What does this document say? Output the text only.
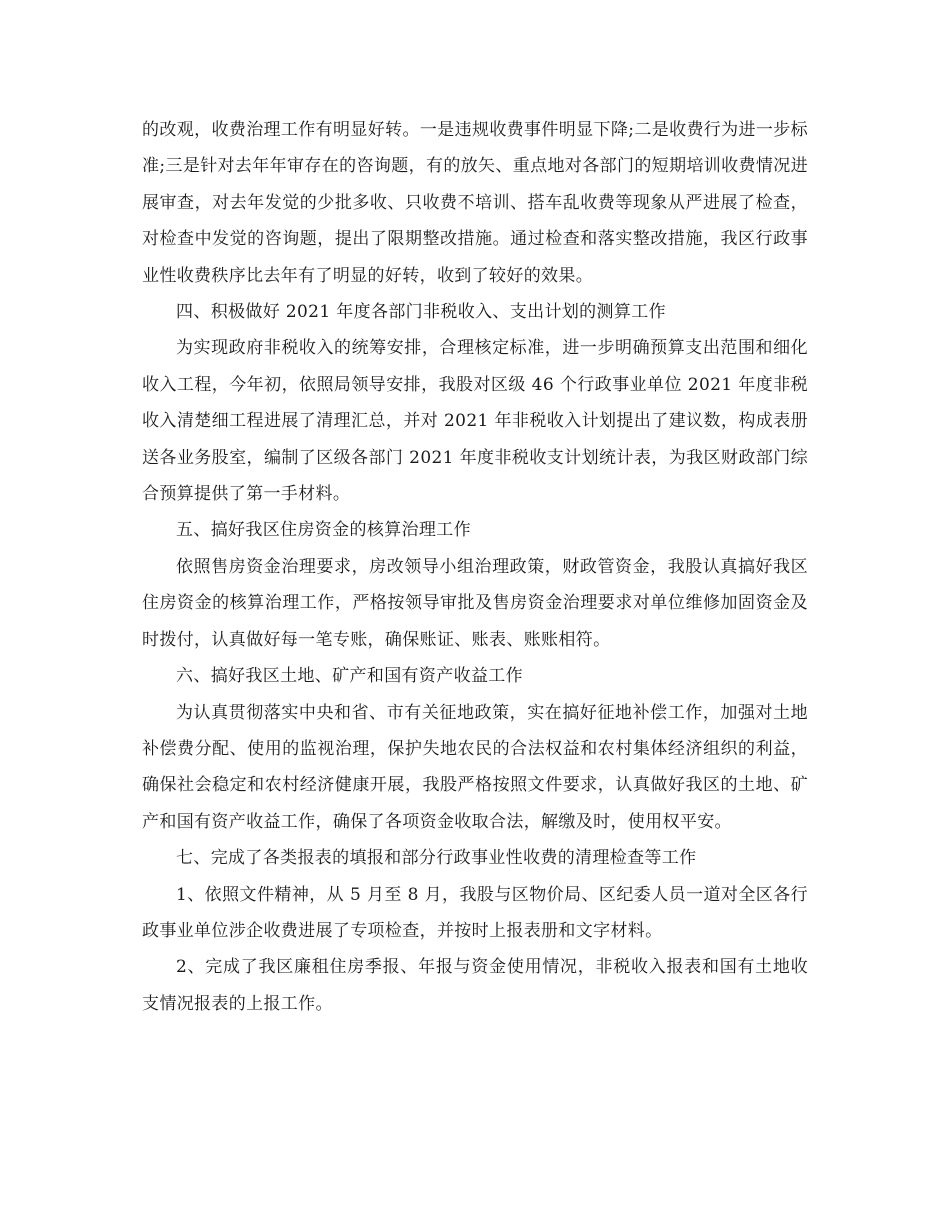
的改观，收费治理工作有明显好转。一是违规收费事件明显下降;二是收费行为进一步标准;三是针对去年年审存在的咨询题，有的放矢、重点地对各部门的短期培训收费情况进展审查，对去年发觉的少批多收、只收费不培训、搭车乱收费等现象从严进展了检查，对检查中发觉的咨询题，提出了限期整改措施。通过检查和落实整改措施，我区行政事业性收费秩序比去年有了明显的好转，收到了较好的效果。

四、积极做好 2021 年度各部门非税收入、支出计划的测算工作

为实现政府非税收入的统筹安排，合理核定标准，进一步明确预算支出范围和细化收入工程，今年初，依照局领导安排，我股对区级 46 个行政事业单位 2021 年度非税收入清楚细工程进展了清理汇总，并对 2021 年非税收入计划提出了建议数，构成表册送各业务股室，编制了区级各部门 2021 年度非税收支计划统计表，为我区财政部门综合预算提供了第一手材料。

五、搞好我区住房资金的核算治理工作

依照售房资金治理要求，房改领导小组治理政策，财政管资金，我股认真搞好我区住房资金的核算治理工作，严格按领导审批及售房资金治理要求对单位维修加固资金及时拨付，认真做好每一笔专账，确保账证、账表、账账相符。

六、搞好我区土地、矿产和国有资产收益工作

为认真贯彻落实中央和省、市有关征地政策，实在搞好征地补偿工作，加强对土地补偿费分配、使用的监视治理，保护失地农民的合法权益和农村集体经济组织的利益，确保社会稳定和农村经济健康开展，我股严格按照文件要求，认真做好我区的土地、矿产和国有资产收益工作，确保了各项资金收取合法，解缴及时，使用权平安。

七、完成了各类报表的填报和部分行政事业性收费的清理检查等工作

1、依照文件精神，从 5 月至 8 月，我股与区物价局、区纪委人员一道对全区各行政事业单位涉企收费进展了专项检查，并按时上报表册和文字材料。

2、完成了我区廉租住房季报、年报与资金使用情况，非税收入报表和国有土地收支情况报表的上报工作。
